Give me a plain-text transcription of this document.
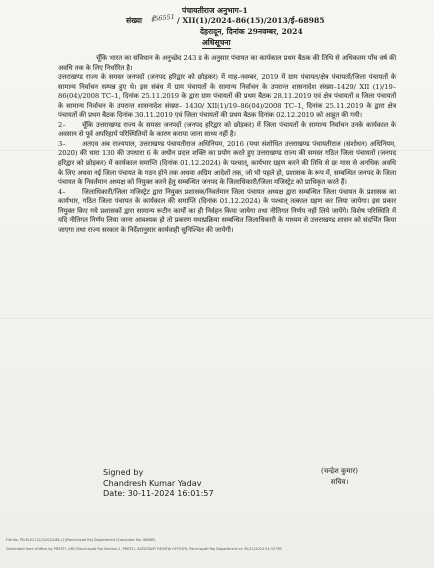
पंचायतीराज अनुभाग–1
संख्या ई56551 / XII(1)/2024–86(15)/2013/ई–68985
देहरादून, दिनांक 29नवम्बर, 2024
अधिसूचना

चूँकि भारत का संविधान के अनुच्छेद 243 ड के अनुसार पंचायत का कार्यकाल प्रथम बैठक की तिथि से अधिकतम पाँच वर्ष की अवधि तक के लिए निर्धारित है।

उत्तराखण्ड राज्य के समस्त जनपदों (जनपद हरिद्वार को छोड़कर) में माह–नवम्बर, 2019 में ग्राम पंचायत/क्षेत्र पंचायतों/जिला पंचायतों के सामान्य निर्वाचन सम्पन्न हुए थे। इस संबंध में ग्राम पंचायतों के सामान्य निर्वाचन के उपरान्त शासनादेश संख्या–1429/ XII (1)/19–86(04)/2008 TC–1, दिनांक 25.11.2019 के द्वारा ग्राम पंचायतों की प्रथम बैठक 28.11.2019 एवं क्षेत्र पंचायतों व जिला पंचायतों के सामान्य निर्वाचन के उपरान्त शासनादेश संख्या– 1430/ XII(1)/19–86(04)/2008 TC–1, दिनांक 25.11.2019 के द्वारा क्षेत्र पंचायतों की प्रथम बैठक दिनांक 30.11.2019 एवं जिला पंचायतों की प्रथम बैठक दिनांक 02.12.2019 को आहूत की गयी।

2– चूँकि उत्तराखण्ड राज्य के समस्त जनपदों (जनपद हरिद्वार को छोड़कर) में जिला पंचायतों के सामान्य निर्वाचन उनके कार्यकाल के अवसान से पूर्व अपरिहार्य परिस्थितियों के कारण कराया जाना साध्य नहीं है।

3– अतएव अब राज्यपाल, उत्तराखण्ड पंचायतीराज अधिनियम, 2016 (यथा संशोधित उत्तराखण्ड पंचायतीराज (संशोधन) अधिनियम, 2020) की धारा 130 की उपधारा 6 के अधीन प्रदत्त शक्ति का प्रयोग करते हुए उत्तराखण्ड राज्य की समस्त गठित जिला पंचायतों (जनपद हरिद्वार को छोड़कर) में कार्यकाल समाप्ति (दिनांक 01.12.2024) के पश्चात्, कार्यभार ग्रहण करने की तिथि से छः मास से अनधिक अवधि के लिए अथवा नई जिला पंचायत के गठन होने तक अथवा अग्रिम आदेशों तक, जो भी पहले हो, प्रशासक के रूप में, सम्बन्धित जनपद के जिला पंचायत के निवर्तमान अध्यक्ष को नियुक्त करने हेतु सम्बन्धित जनपद के जिलाधिकारी/जिला मजिस्ट्रेट को प्राधिकृत करते हैं।

4– जिलाधिकारी/जिला मजिस्ट्रेट द्वारा नियुक्त प्रशासक/निवर्तमान जिला पंचायत अध्यक्ष द्वारा सम्बन्धित जिला पंचायत के प्रशासक का कार्यभार, गठित जिला पंचायत के कार्यकाल की समाप्ति (दिनांक 01.12.2024) के पश्चात् तत्काल ग्रहण कर लिया जायेगा। इस प्रकार नियुक्त किए गये प्रशासकों द्वारा सामान्य रूटीन कार्यों का ही निर्वहन किया जायेगा तथा नीतिगत निर्णय नहीं लिये जायेंगे। विशेष परिस्थिति में यदि नीतिगत निर्णय लिया जाना आवश्यक हो तो प्रकरण यथाप्रक्रिया सम्बन्धित जिलाधिकारी के माध्यम से उत्तराखण्ड शासन को संदर्भित किया जाएगा तथा राज्य सरकार के निर्देशानुसार कार्यवाही सुनिश्चित की जायेगी।

Signed by
Chandresh Kumar Yadav
Date: 30-11-2024 16:01:57
(चन्द्रेश कुमार)
सचिव।
File No. PD-ELEC/11/2/2024-88-(1)/Panchayati Raj Department (Computer No. 68985)
Generated from eOffice by PREETI, ARO-Panchayati Raj Section-1, PREETI, ASSISTANT REVIEW OFFICER, Panchayati Raj Department on 30/11/2024 04:13 PM
